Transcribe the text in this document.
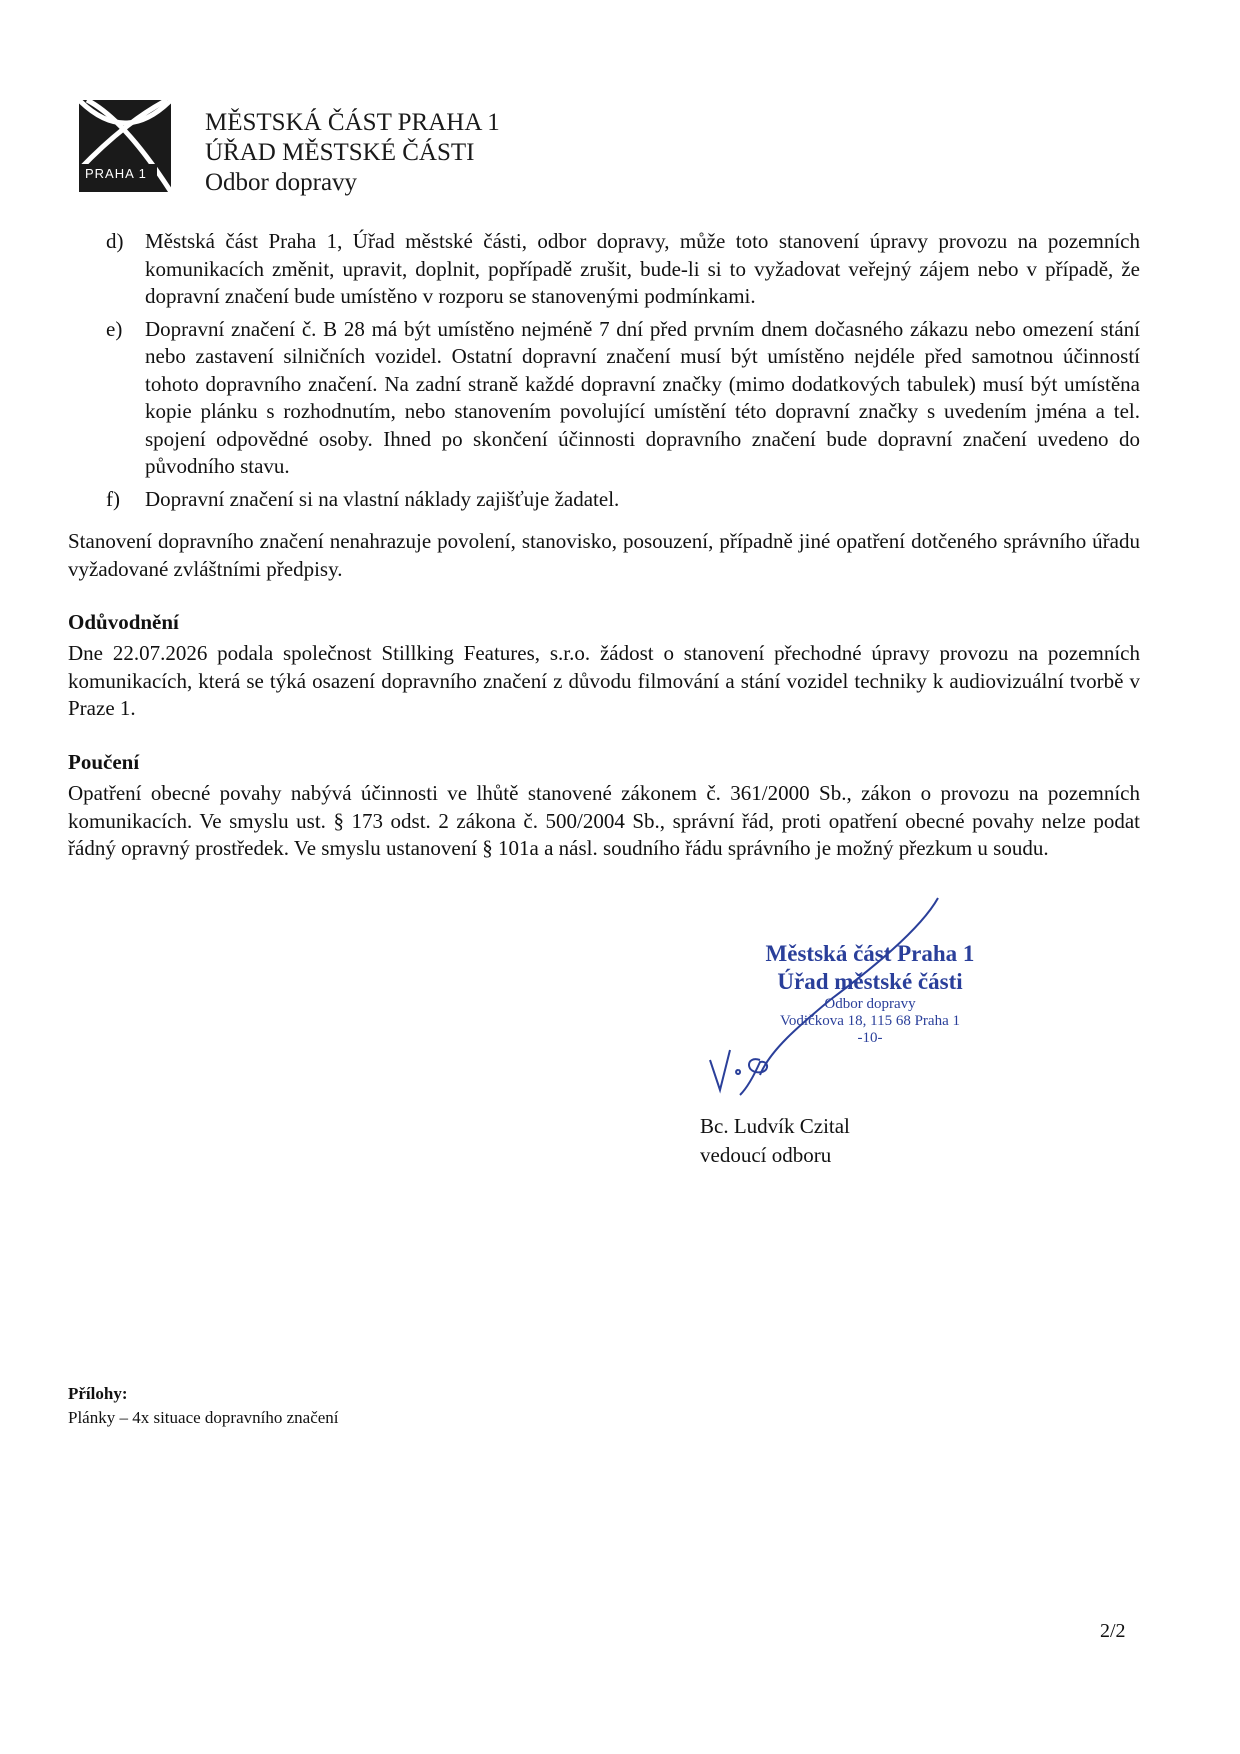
PRAHA 1
MĚSTSKÁ ČÁST PRAHA 1
ÚŘAD MĚSTSKÉ ČÁSTI
Odbor dopravy
d) Městská část Praha 1, Úřad městské části, odbor dopravy, může toto stanovení úpravy provozu na pozemních komunikacích změnit, upravit, doplnit, popřípadě zrušit, bude-li si to vyžadovat veřejný zájem nebo v případě, že dopravní značení bude umístěno v rozporu se stanovenými podmínkami.
e) Dopravní značení č. B 28 má být umístěno nejméně 7 dní před prvním dnem dočasného zákazu nebo omezení stání nebo zastavení silničních vozidel. Ostatní dopravní značení musí být umístěno nejdéle před samotnou účinností tohoto dopravního značení. Na zadní straně každé dopravní značky (mimo dodatkových tabulek) musí být umístěna kopie plánku s rozhodnutím, nebo stanovením povolující umístění této dopravní značky s uvedením jména a tel. spojení odpovědné osoby. Ihned po skončení účinnosti dopravního značení bude dopravní značení uvedeno do původního stavu.
f) Dopravní značení si na vlastní náklady zajišťuje žadatel.
Stanovení dopravního značení nenahrazuje povolení, stanovisko, posouzení, případně jiné opatření dotčeného správního úřadu vyžadované zvláštními předpisy.
Odůvodnění
Dne 22.07.2026 podala společnost Stillking Features, s.r.o. žádost o stanovení přechodné úpravy provozu na pozemních komunikacích, která se týká osazení dopravního značení z důvodu filmování a stání vozidel techniky k audiovizuální tvorbě v Praze 1.
Poučení
Opatření obecné povahy nabývá účinnosti ve lhůtě stanovené zákonem č. 361/2000 Sb., zákon o provozu na pozemních komunikacích. Ve smyslu ust. § 173 odst. 2 zákona č. 500/2004 Sb., správní řád, proti opatření obecné povahy nelze podat řádný opravný prostředek. Ve smyslu ustanovení § 101a a násl. soudního řádu správního je možný přezkum u soudu.
Městská část Praha 1
Úřad městské části
Odbor dopravy
Vodičkova 18, 115 68 Praha 1
-10-
Bc. Ludvík Czital
vedoucí odboru
Přílohy:
Plánky – 4x situace dopravního značení
2/2
